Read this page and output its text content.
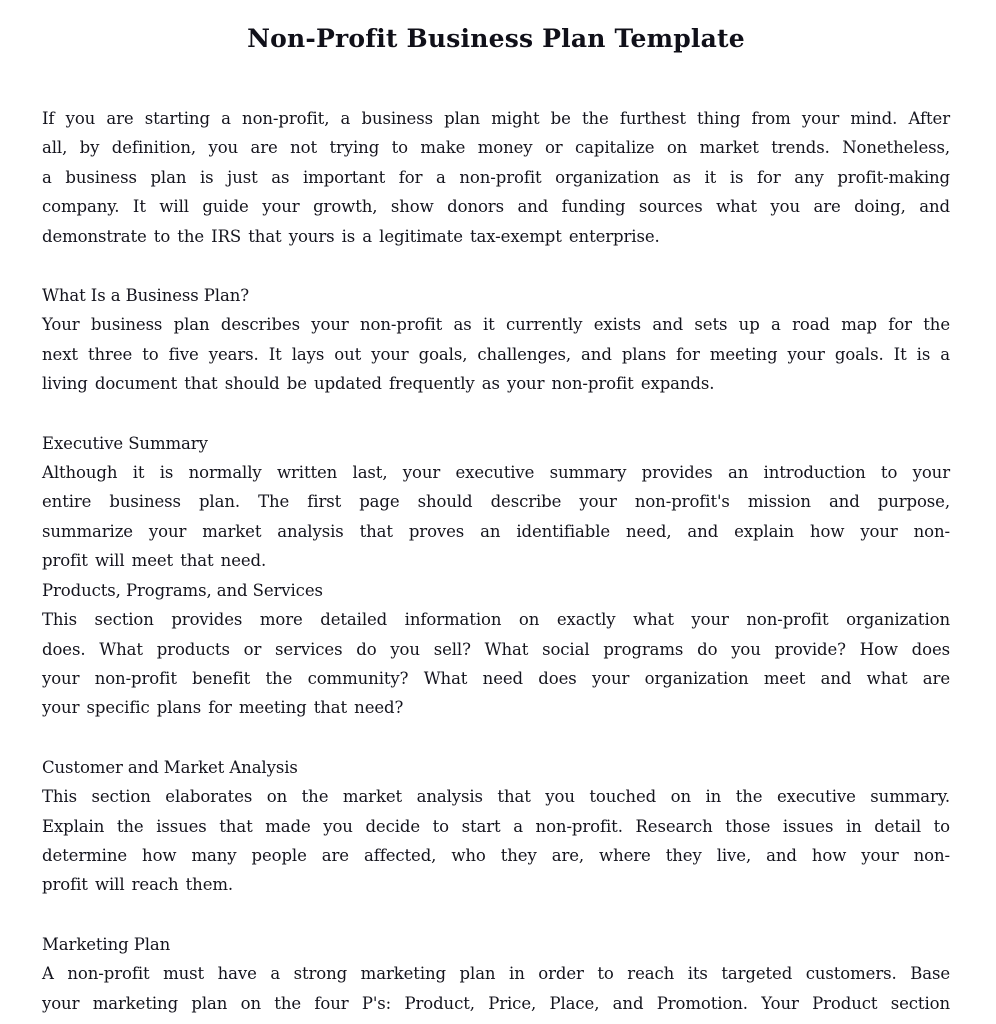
Non-Profit Business Plan Template
If you are starting a non-profit, a business plan might be the furthest thing from your mind. After
all, by definition, you are not trying to make money or capitalize on market trends. Nonetheless,
a business plan is just as important for a non-profit organization as it is for any profit-making
company. It will guide your growth, show donors and funding sources what you are doing, and
demonstrate to the IRS that yours is a legitimate tax-exempt enterprise.
What Is a Business Plan?
Your business plan describes your non-profit as it currently exists and sets up a road map for the
next three to five years. It lays out your goals, challenges, and plans for meeting your goals. It is a
living document that should be updated frequently as your non-profit expands.
Executive Summary
Although it is normally written last, your executive summary provides an introduction to your
entire business plan. The first page should describe your non-profit's mission and purpose,
summarize your market analysis that proves an identifiable need, and explain how your non-
profit will meet that need.
Products, Programs, and Services
This section provides more detailed information on exactly what your non-profit organization
does. What products or services do you sell? What social programs do you provide? How does
your non-profit benefit the community? What need does your organization meet and what are
your specific plans for meeting that need?
Customer and Market Analysis
This section elaborates on the market analysis that you touched on in the executive summary.
Explain the issues that made you decide to start a non-profit. Research those issues in detail to
determine how many people are affected, who they are, where they live, and how your non-
profit will reach them.
Marketing Plan
A non-profit must have a strong marketing plan in order to reach its targeted customers. Base
your marketing plan on the four P's: Product, Price, Place, and Promotion. Your Product section
